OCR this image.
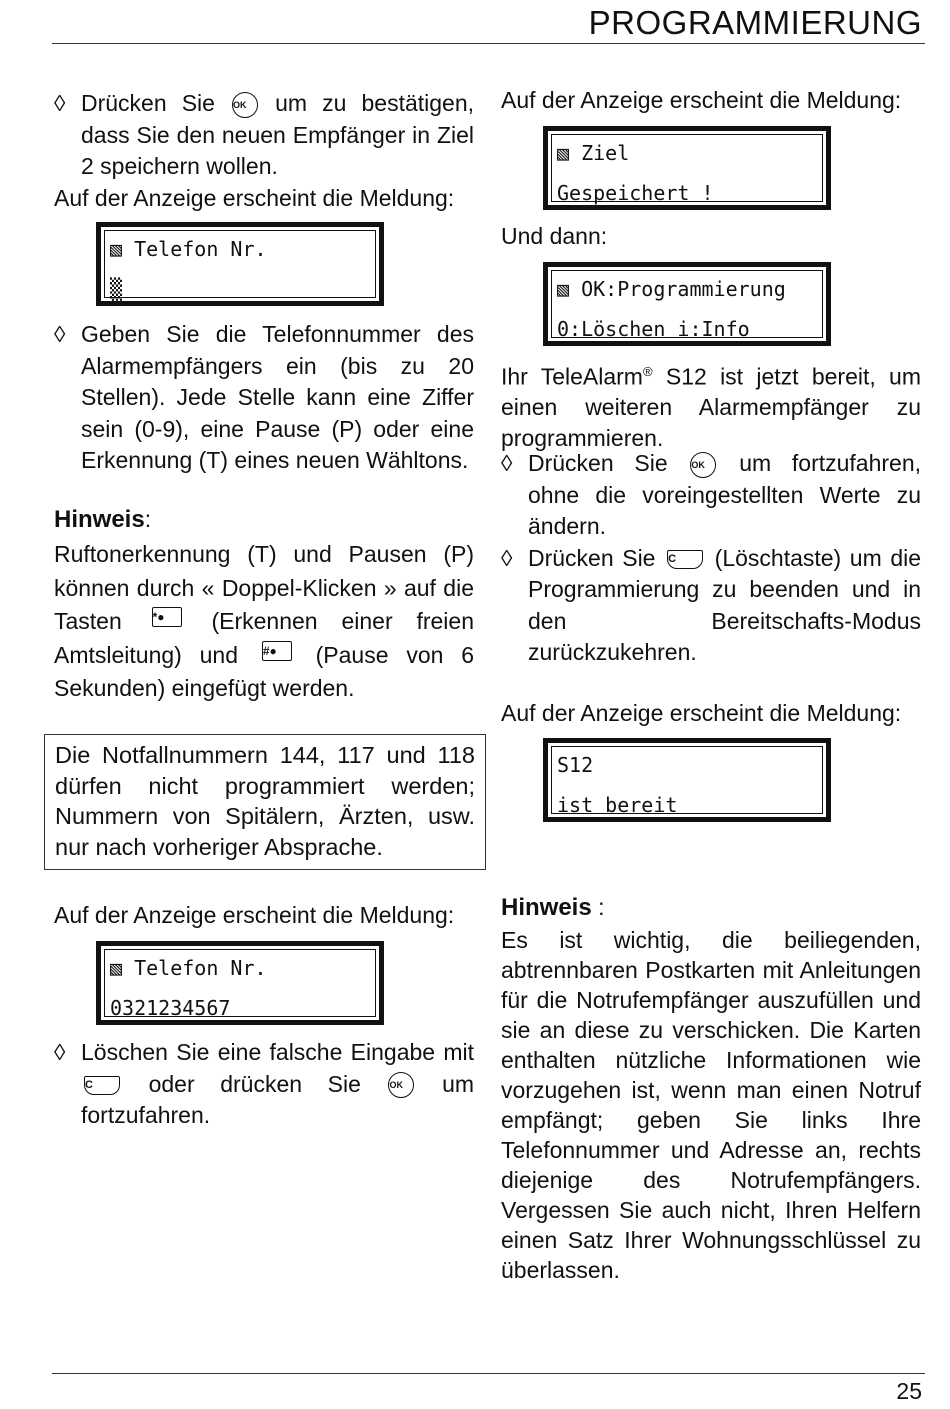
PROGRAMMIERUNG
◊ Drücken Sie OK um zu bestätigen, dass Sie den neuen Empfänger in Ziel 2 speichern wollen.
Auf der Anzeige erscheint die Meldung:
▧ Telefon Nr.
▒
◊ Geben Sie die Telefonnummer des Alarmempfängers ein (bis zu 20 Stellen). Jede Stelle kann eine Ziffer sein (0-9), eine Pause (P) oder eine Erkennung (T) eines neuen Wähltons.
Hinweis:
Ruftonerkennung (T) und Pausen (P) können durch « Doppel-Klicken » auf die Tasten	*● (Erkennen einer freien Amtsleitung) und #● (Pause von 6 Sekunden) eingefügt werden.
Die Notfallnummern 144, 117 und 118 dürfen nicht programmiert werden; Nummern von Spitälern, Ärzten, usw. nur nach vorheriger Absprache.
Auf der Anzeige erscheint die Meldung:
▧ Telefon Nr.
0321234567
◊ Löschen Sie eine falsche Eingabe mit C oder drücken Sie	OK um fortzufahren.
Auf der Anzeige erscheint die Meldung:
▧ Ziel
Gespeichert !
Und dann:
▧ OK:Programmierung
0:Löschen i:Info
Ihr TeleAlarm® S12 ist jetzt bereit, um einen weiteren Alarmempfänger zu programmieren.
◊ Drücken Sie	OK um fortzufahren, ohne die voreingestellten Werte zu ändern.
◊ Drücken Sie C (Löschtaste) um die Programmierung zu beenden und in den Bereitschafts-Modus zurückzukehren.
Auf der Anzeige erscheint die Meldung:
S12
ist bereit
Hinweis :
Es ist wichtig, die beiliegenden, abtrennbaren Postkarten mit Anleitungen für die Notrufempfänger auszufüllen und sie an diese zu verschicken. Die Karten enthalten nützliche Informationen wie vorzugehen ist, wenn man einen Notruf empfängt; geben Sie links Ihre Telefonnummer und Adresse an, rechts diejenige des Notrufempfängers. Vergessen Sie auch nicht, Ihren Helfern einen Satz Ihrer Wohnungsschlüssel zu überlassen.
25
